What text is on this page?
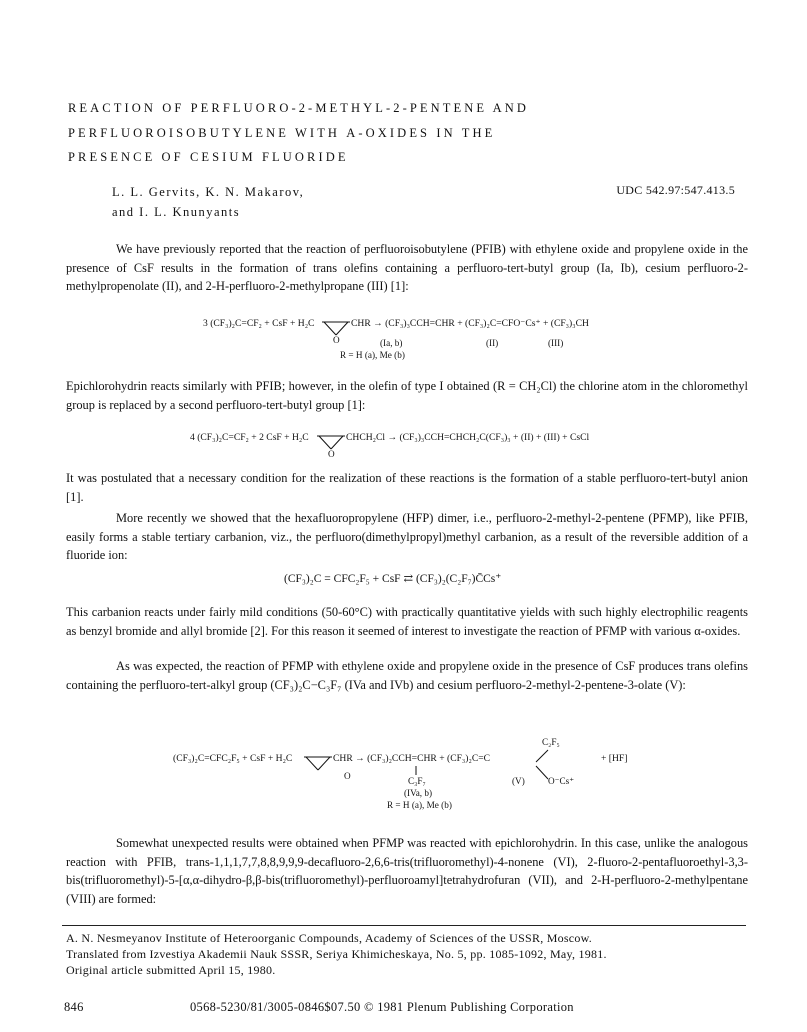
REACTION OF PERFLUORO-2-METHYL-2-PENTENE AND
PERFLUOROISOBUTYLENE WITH Α-OXIDES IN THE
PRESENCE OF CESIUM FLUORIDE
L. L. Gervits, K. N. Makarov,
and I. L. Knunyants
UDC 542.97:547.413.5

We have previously reported that the reaction of perfluoroisobutylene (PFIB) with ethylene oxide and propylene oxide in the presence of CsF results in the formation of trans olefins containing a perfluoro-tert-butyl group (Ia, Ib), cesium perfluoro-2-methylpropenolate (II), and 2-H-perfluoro-2-methylpropane (III) [1]:

3 (CF₃)₂C=CF₂ + CsF + H₂C	CHR → (CF₃)₃CCH=CHR + (CF₃)₂C=CFO⁻Cs⁺ + (CF₃)₃CH
O	(Ia, b)	(II)	(III)
R = H (a), Me (b)

Epichlorohydrin reacts similarly with PFIB; however, in the olefin of type I obtained (R = CH₂Cl) the chlorine atom in the chloromethyl group is replaced by a second perfluoro-tert-butyl group [1]:

4 (CF₃)₂C=CF₂ + 2 CsF + H₂C	CHCH₂Cl → (CF₃)₃CCH=CHCH₂C(CF₃)₃ + (II) + (III) + CsCl
O

It was postulated that a necessary condition for the realization of these reactions is the formation of a stable perfluoro-tert-butyl anion [1].

More recently we showed that the hexafluoropropylene (HFP) dimer, i.e., perfluoro-2-methyl-2-pentene (PFMP), like PFIB, easily forms a stable tertiary carbanion, viz., the perfluoro(dimethylpropyl)methyl carbanion, as a result of the reversible addition of a fluoride ion:

(CF₃)₂C = CFC₂F₅ + CsF ⇄ (CF₃)₂(C₂F₇)C̄Cs⁺

This carbanion reacts under fairly mild conditions (50-60°C) with practically quantitative yields with such highly electrophilic reagents as benzyl bromide and allyl bromide [2]. For this reason it seemed of interest to investigate the reaction of PFMP with various α-oxides.

As was expected, the reaction of PFMP with ethylene oxide and propylene oxide in the presence of CsF produces trans olefins containing the perfluoro-tert-alkyl group (CF₃)₂C−C₃F₇ (IVa and IVb) and cesium perfluoro-2-methyl-2-pentene-3-olate (V):

C₂F₅
(CF₃)₂C=CFC₂F₅ + CsF + H₂C	CHR → (CF₃)₂CCH=CHR + (CF₃)₂C=C	+ [HF]
O	C₃F₇	(V)	O⁻Cs⁺
(IVa, b)
R = H (a), Me (b)

Somewhat unexpected results were obtained when PFMP was reacted with epichlorohydrin. In this case, unlike the analogous reaction with PFIB, trans-1,1,1,7,7,8,8,9,9,9-decafluoro-2,6,6-tris(trifluoromethyl)-4-nonene (VI), 2-fluoro-2-pentafluoroethyl-3,3-bis(trifluoromethyl)-5-[α,α-dihydro-β,β-bis(trifluoromethyl)-perfluoroamyl]tetrahydrofuran (VII), and 2-H-perfluoro-2-methylpentane (VIII) are formed:

A. N. Nesmeyanov Institute of Heteroorganic Compounds, Academy of Sciences of the USSR, Moscow.

Translated from Izvestiya Akademii Nauk SSSR, Seriya Khimicheskaya, No. 5, pp. 1085-1092, May, 1981.

Original article submitted April 15, 1980.

846	0568-5230/81/3005-0846$07.50 © 1981 Plenum Publishing Corporation
